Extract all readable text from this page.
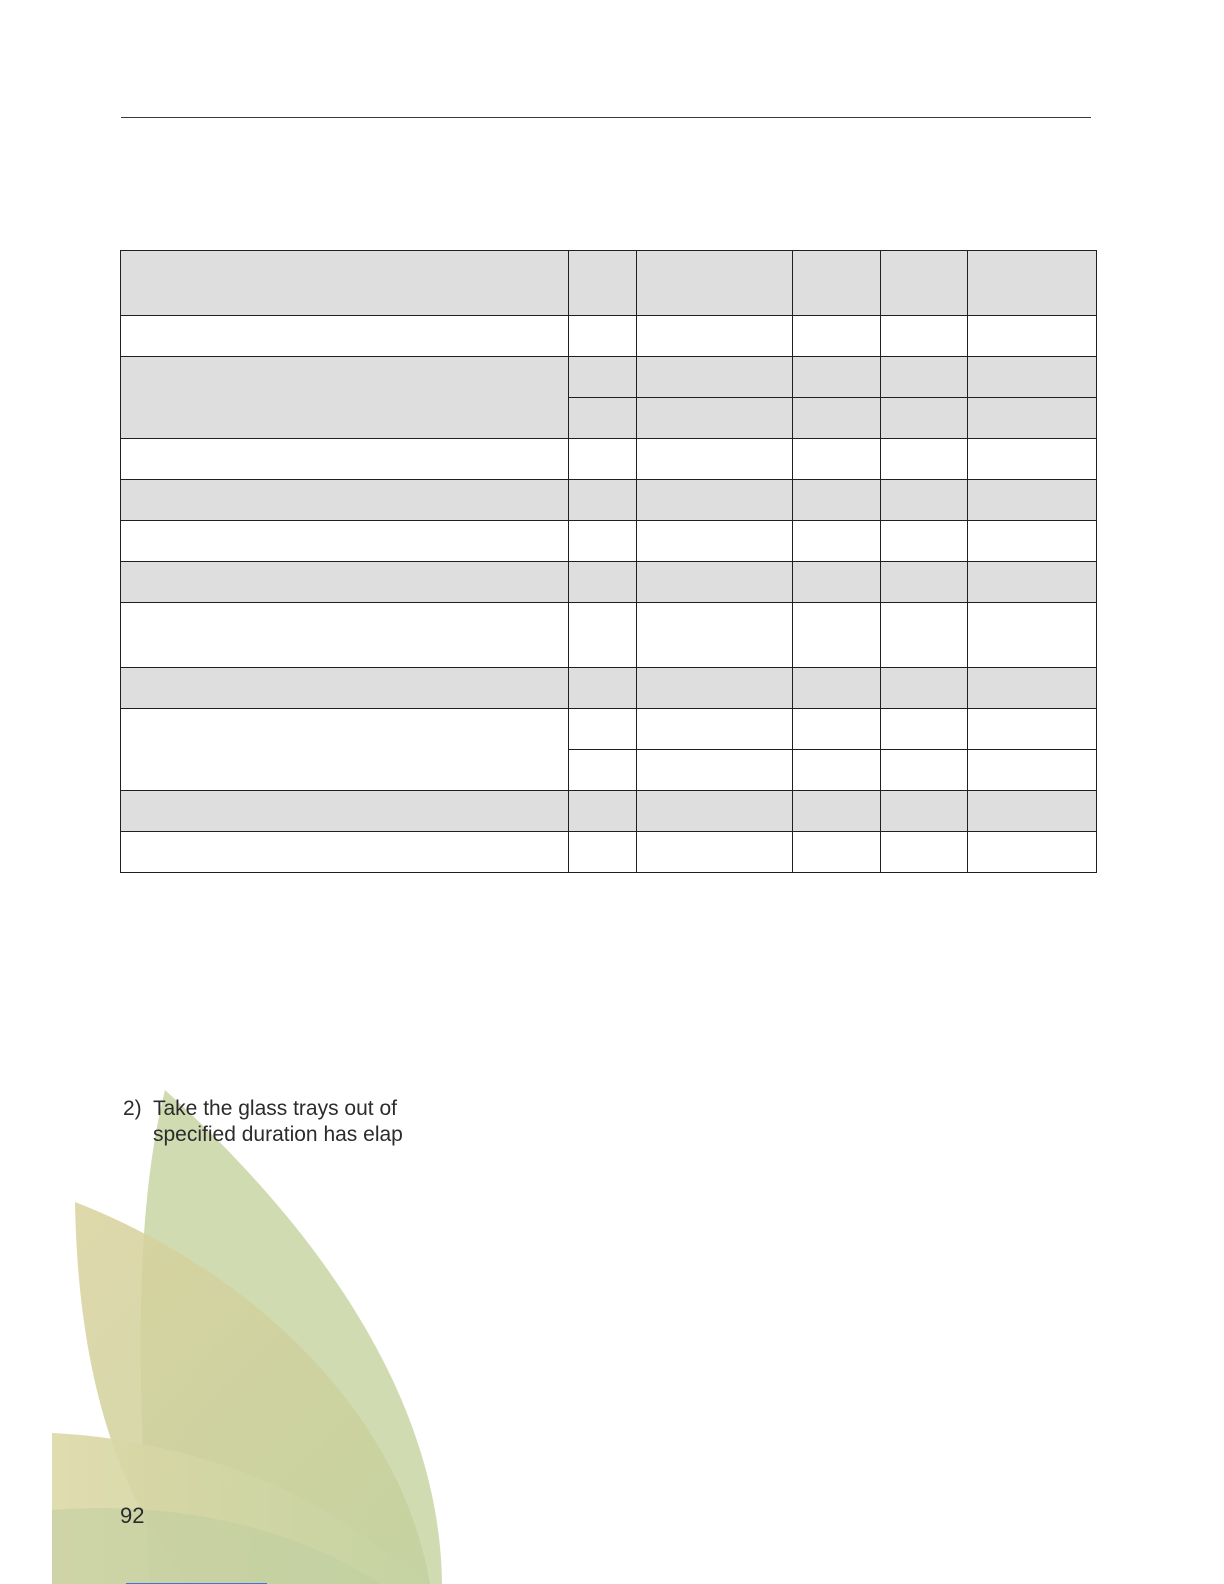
2) Take the glass trays out of
specified duration has elap
92
